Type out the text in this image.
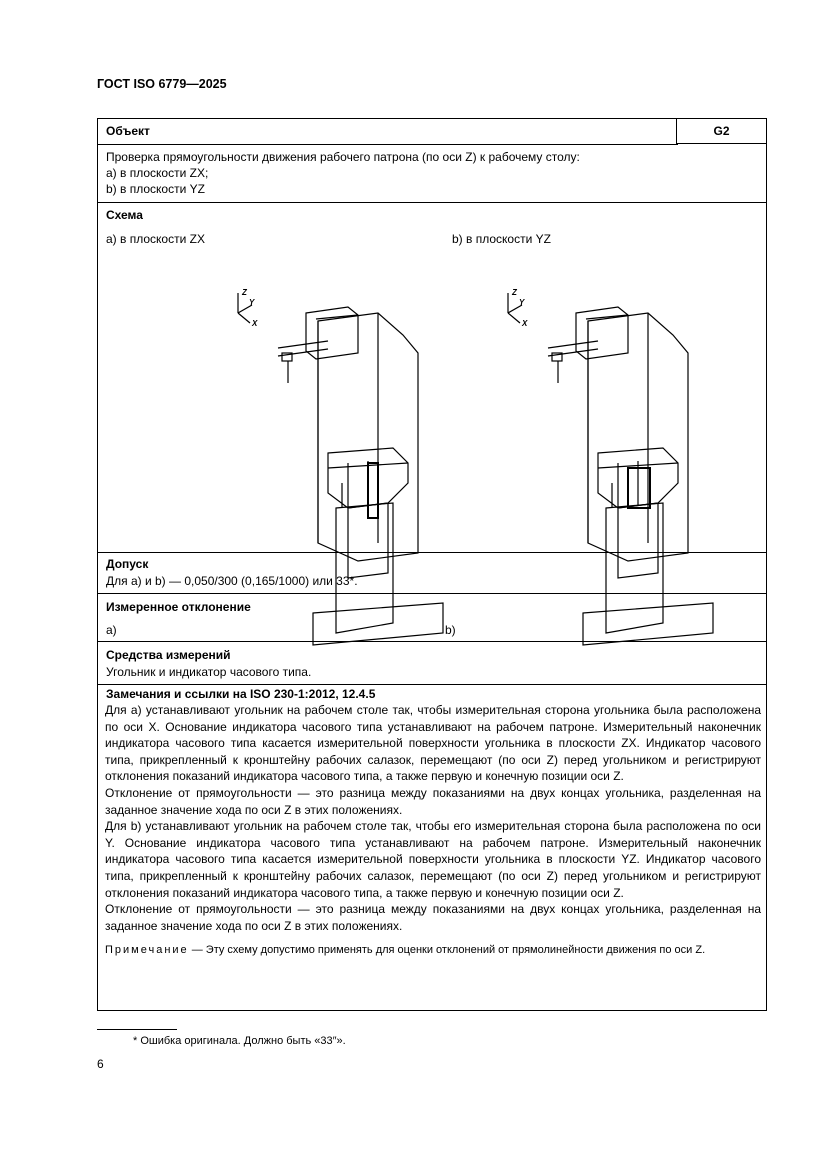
ГОСТ ISO 6779—2025
Объект	G2
Проверка прямоугольности движения рабочего патрона (по оси Z) к рабочему столу:
a) в плоскости ZX;
b) в плоскости YZ
Схема
a) в плоскости ZX	b) в плоскости YZ
Z
Y
X
Z
Y
X
Допуск
Для a) и b) — 0,050/300 (0,165/1000) или 33*.
Измеренное отклонение
a)	b)
Средства измерений
Угольник и индикатор часового типа.
Замечания и ссылки на ISO 230-1:2012, 12.4.5

Для a) устанавливают угольник на рабочем столе так, чтобы измерительная сторона угольника была расположена по оси X. Основание индикатора часового типа устанавливают на рабочем патроне. Измерительный наконечник индикатора часового типа касается измерительной поверхности угольника в плоскости ZX. Индикатор часового типа, прикрепленный к кронштейну рабочих салазок, перемещают (по оси Z) перед угольником и регистрируют отклонения показаний индикатора часового типа, а также первую и конечную позиции оси Z.

Отклонение от прямоугольности — это разница между показаниями на двух концах угольника, разделенная на заданное значение хода по оси Z в этих положениях.

Для b) устанавливают угольник на рабочем столе так, чтобы его измерительная сторона была расположена по оси Y. Основание индикатора часового типа устанавливают на рабочем патроне. Измерительный наконечник индикатора часового типа касается измерительной поверхности угольника в плоскости YZ. Индикатор часового типа, прикрепленный к кронштейну рабочих салазок, перемещают (по оси Z) перед угольником и регистрируют отклонения показаний индикатора часового типа, а также первую и конечную позиции оси Z.

Отклонение от прямоугольности — это разница между показаниями на двух концах угольника, разделенная на заданное значение хода по оси Z в этих положениях.

Примечание — Эту схему допустимо применять для оценки отклонений от прямолинейности движения по оси Z.

* Ошибка оригинала. Должно быть «33″».
6
